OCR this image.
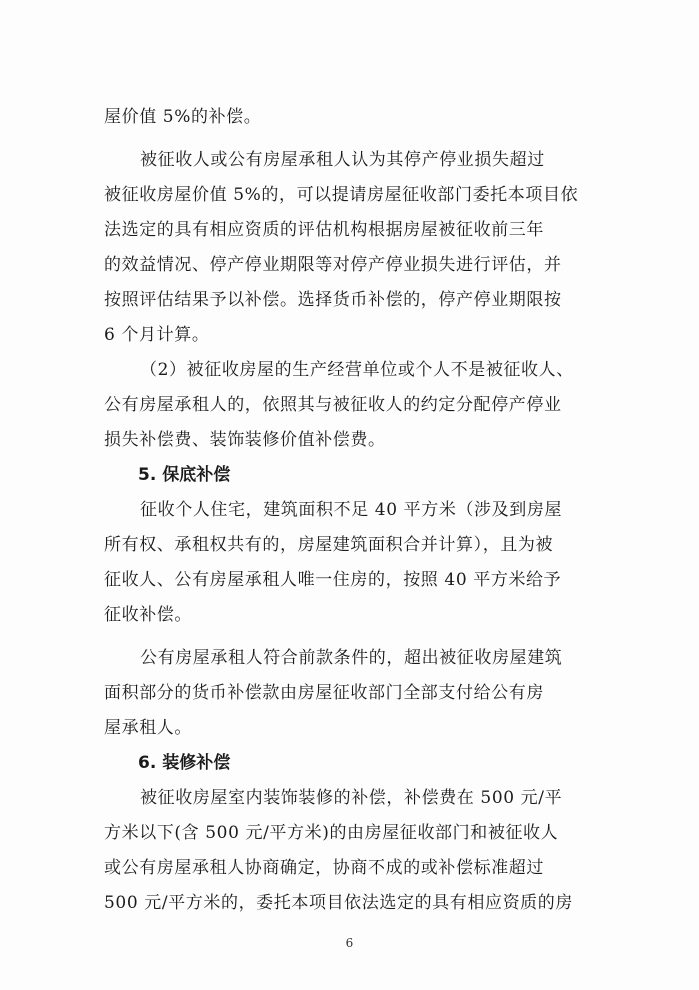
屋价值 5%的补偿。
被征收人或公有房屋承租人认为其停产停业损失超过
被征收房屋价值 5%的，可以提请房屋征收部门委托本项目依
法选定的具有相应资质的评估机构根据房屋被征收前三年
的效益情况、停产停业期限等对停产停业损失进行评估，并
按照评估结果予以补偿。选择货币补偿的，停产停业期限按
6 个月计算。
（2）被征收房屋的生产经营单位或个人不是被征收人、
公有房屋承租人的，依照其与被征收人的约定分配停产停业
损失补偿费、装饰装修价值补偿费。
5. 保底补偿
征收个人住宅，建筑面积不足 40 平方米（涉及到房屋
所有权、承租权共有的，房屋建筑面积合并计算），且为被
征收人、公有房屋承租人唯一住房的，按照 40 平方米给予
征收补偿。
公有房屋承租人符合前款条件的，超出被征收房屋建筑
面积部分的货币补偿款由房屋征收部门全部支付给公有房
屋承租人。
6. 装修补偿
被征收房屋室内装饰装修的补偿，补偿费在 500 元/平
方米以下(含 500 元/平方米)的由房屋征收部门和被征收人
或公有房屋承租人协商确定，协商不成的或补偿标准超过
500 元/平方米的，委托本项目依法选定的具有相应资质的房
6
